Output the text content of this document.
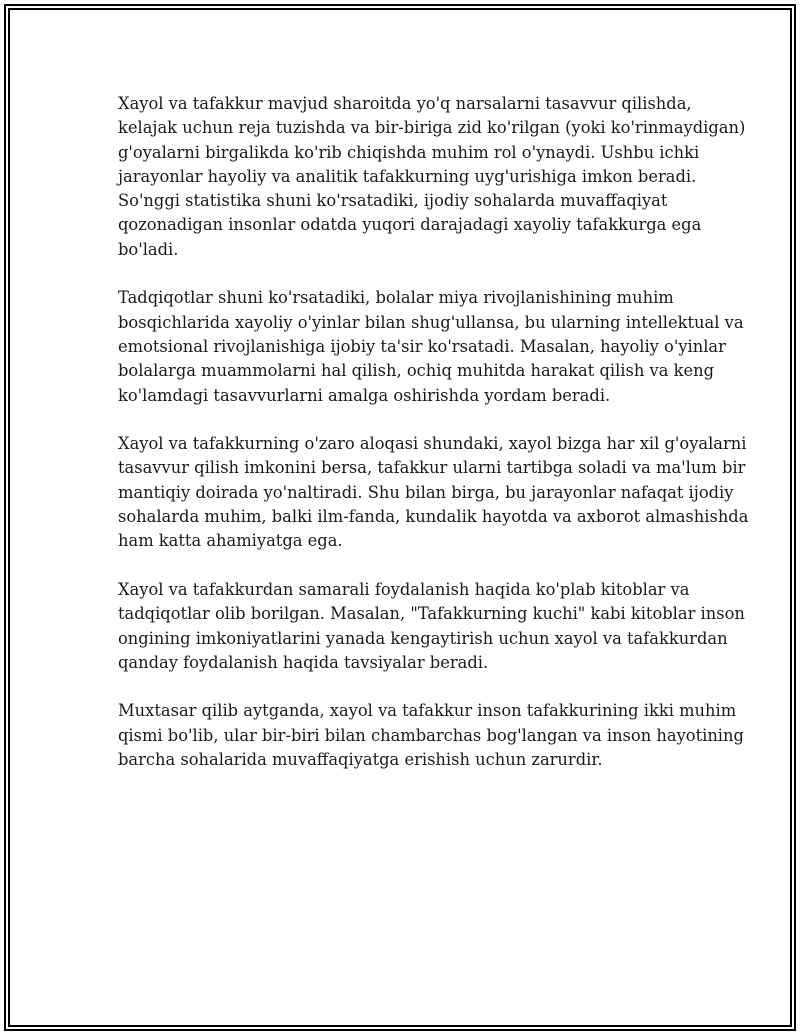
Xayol va tafakkur mavjud sharoitda yo'q narsalarni tasavvur qilishda,
kelajak uchun reja tuzishda va bir-biriga zid ko'rilgan (yoki ko'rinmaydigan)
g'oyalarni birgalikda ko'rib chiqishda muhim rol o'ynaydi. Ushbu ichki
jarayonlar hayoliy va analitik tafakkurning uyg'urishiga imkon beradi.
So'nggi statistika shuni ko'rsatadiki, ijodiy sohalarda muvaffaqiyat
qozonadigan insonlar odatda yuqori darajadagi xayoliy tafakkurga ega
bo'ladi.

Tadqiqotlar shuni ko'rsatadiki, bolalar miya rivojlanishining muhim
bosqichlarida xayoliy o'yinlar bilan shug'ullansa, bu ularning intellektual va
emotsional rivojlanishiga ijobiy ta'sir ko'rsatadi. Masalan, hayoliy o'yinlar
bolalarga muammolarni hal qilish, ochiq muhitda harakat qilish va keng
ko'lamdagi tasavvurlarni amalga oshirishda yordam beradi.

Xayol va tafakkurning o'zaro aloqasi shundaki, xayol bizga har xil g'oyalarni
tasavvur qilish imkonini bersa, tafakkur ularni tartibga soladi va ma'lum bir
mantiqiy doirada yo'naltiradi. Shu bilan birga, bu jarayonlar nafaqat ijodiy
sohalarda muhim, balki ilm-fanda, kundalik hayotda va axborot almashishda
ham katta ahamiyatga ega.

Xayol va tafakkurdan samarali foydalanish haqida ko'plab kitoblar va
tadqiqotlar olib borilgan. Masalan, "Tafakkurning kuchi" kabi kitoblar inson
ongining imkoniyatlarini yanada kengaytirish uchun xayol va tafakkurdan
qanday foydalanish haqida tavsiyalar beradi.

Muxtasar qilib aytganda, xayol va tafakkur inson tafakkurining ikki muhim
qismi bo'lib, ular bir-biri bilan chambarchas bog'langan va inson hayotining
barcha sohalarida muvaffaqiyatga erishish uchun zarurdir.
